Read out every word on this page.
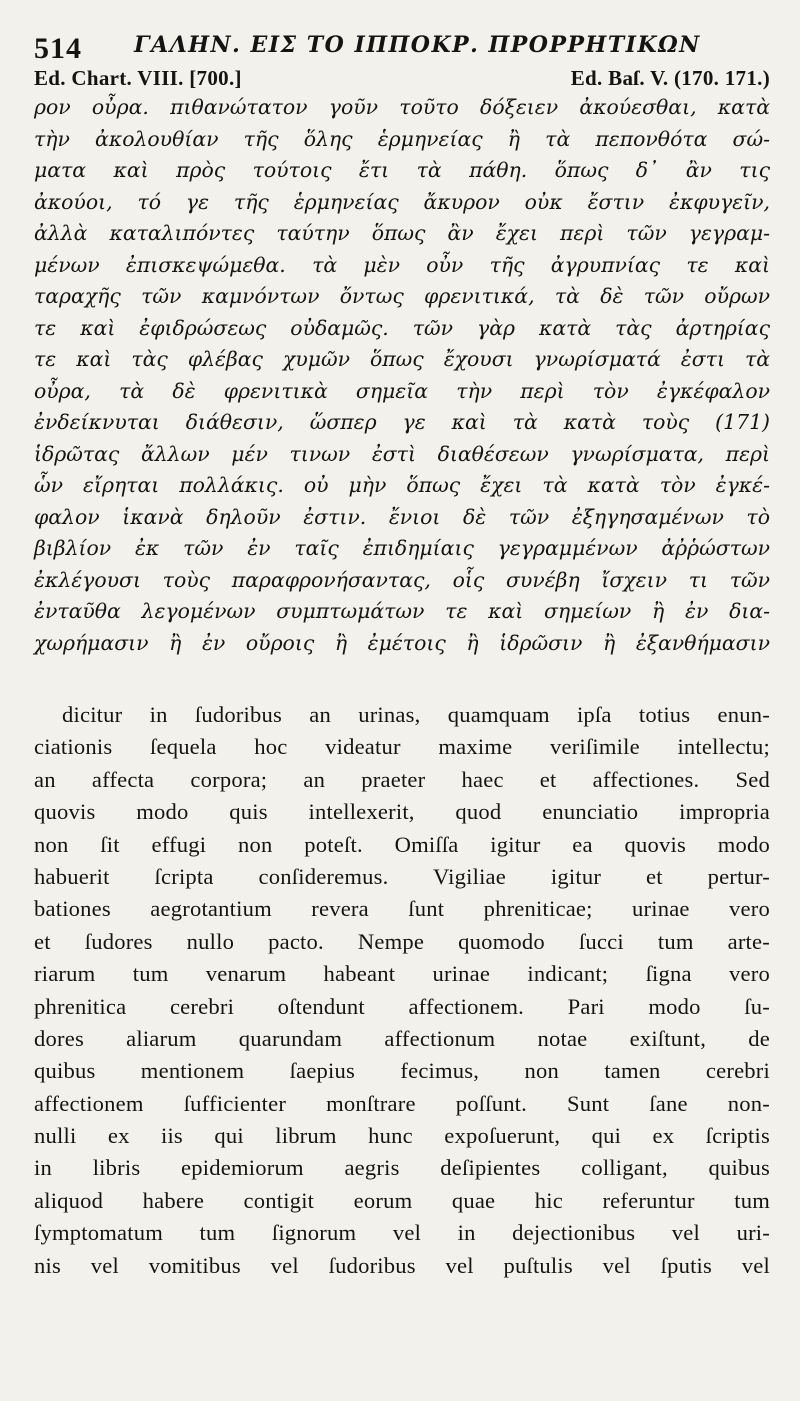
514 ΓΑΛΗΝ. ΕΙΣ ΤΟ ΙΠΠΟΚΡ. ΠΡΟΡΡΗΤΙΚΩΝ
Ed. Chart. VIII. [700.]	Ed. Baſ. V. (170. 171.)
ρον οὖρα. πιθανώτατον γοῦν τοῦτο δόξειεν ἀκούεσθαι, κατὰ
τὴν ἀκολουθίαν τῆς ὅλης ἑρμηνείας ἢ τὰ πεπονθότα σώ-
ματα καὶ πρὸς τούτοις ἔτι τὰ πάθη. ὅπως δ᾽ ἂν τις
ἀκούοι, τό γε τῆς ἑρμηνείας ἄκυρον οὐκ ἔστιν ἐκφυγεῖν,
ἀλλὰ καταλιπόντες ταύτην ὅπως ἂν ἔχει περὶ τῶν γεγραμ-
μένων ἐπισκεψώμεθα. τὰ μὲν οὖν τῆς ἀγρυπνίας τε καὶ
ταραχῆς τῶν καμνόντων ὄντως φρενιτικά, τὰ δὲ τῶν οὔρων
τε καὶ ἐφιδρώσεως οὐδαμῶς. τῶν γὰρ κατὰ τὰς ἀρτηρίας
τε καὶ τὰς φλέβας χυμῶν ὅπως ἔχουσι γνωρίσματά ἐστι τὰ
οὖρα, τὰ δὲ φρενιτικὰ σημεῖα τὴν περὶ τὸν ἐγκέφαλον
ἐνδείκνυται διάθεσιν, ὥσπερ γε καὶ τὰ κατὰ τοὺς (171)
ἱδρῶτας ἄλλων μέν τινων ἐστὶ διαθέσεων γνωρίσματα, περὶ
ὧν εἴρηται πολλάκις. οὐ μὴν ὅπως ἔχει τὰ κατὰ τὸν ἐγκέ-
φαλον ἱκανὰ δηλοῦν ἐστιν. ἔνιοι δὲ τῶν ἐξηγησαμένων τὸ
βιβλίον ἐκ τῶν ἐν ταῖς ἐπιδημίαις γεγραμμένων ἀῤῥώστων
ἐκλέγουσι τοὺς παραφρονήσαντας, οἷς συνέβη ἴσχειν τι τῶν
ἐνταῦθα λεγομένων συμπτωμάτων τε καὶ σημείων ἢ ἐν δια-
χωρήμασιν ἢ ἐν οὔροις ἢ ἐμέτοις ἢ ἱδρῶσιν ἢ ἐξανθήμασιν
dicitur in ſudoribus an urinas, quamquam ipſa totius enun-
ciationis ſequela hoc videatur maxime veriſimile intellectu;
an affecta corpora; an praeter haec et affectiones. Sed
quovis modo quis intellexerit, quod enunciatio impropria
non ſit effugi non poteſt. Omiſſa igitur ea quovis modo
habuerit ſcripta conſideremus. Vigiliae igitur et pertur-
bationes aegrotantium revera ſunt phreniticae; urinae vero
et ſudores nullo pacto. Nempe quomodo ſucci tum arte-
riarum tum venarum habeant urinae indicant; ſigna vero
phrenitica cerebri oſtendunt affectionem. Pari modo ſu-
dores aliarum quarundam affectionum notae exiſtunt, de
quibus mentionem ſaepius fecimus, non tamen cerebri
affectionem ſufficienter monſtrare poſſunt. Sunt ſane non-
nulli ex iis qui librum hunc expoſuerunt, qui ex ſcriptis
in libris epidemiorum aegris deſipientes colligant, quibus
aliquod habere contigit eorum quae hic referuntur tum
ſymptomatum tum ſignorum vel in dejectionibus vel uri-
nis vel vomitibus vel ſudoribus vel puſtulis vel ſputis vel
